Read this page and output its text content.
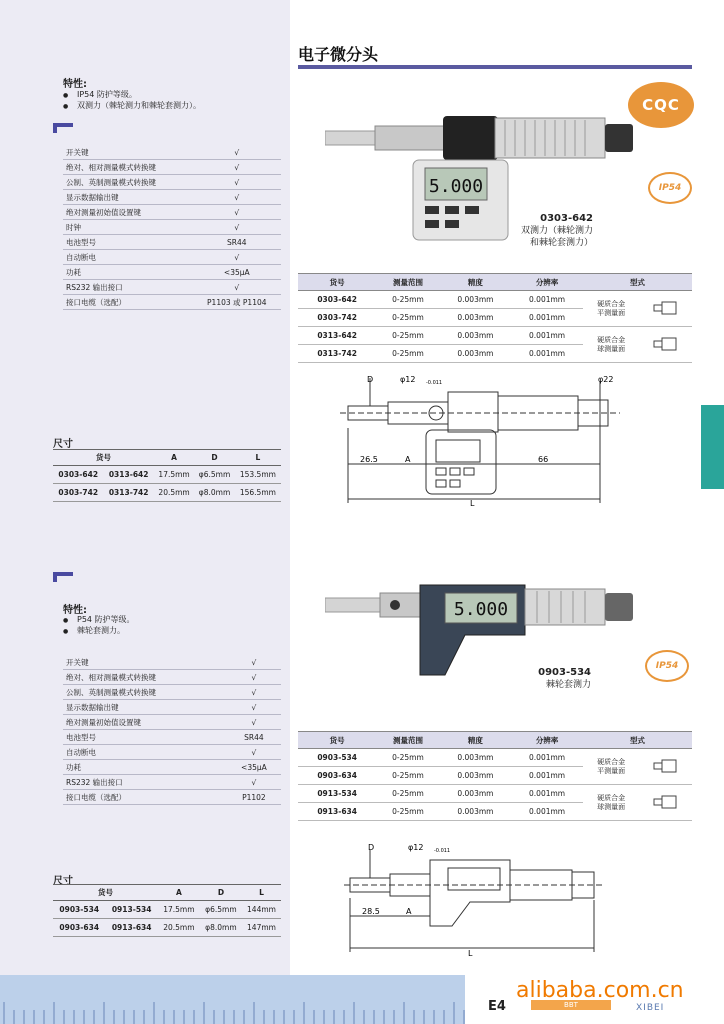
电子微分头
CQC
特性:
● IP54 防护等级。
● 双测力（棘轮测力和棘轮套测力）。
开关键	√
绝对、相对测量模式转换键	√
公制、英制测量模式转换键	√
显示数据输出键	√
绝对测量初始值设置键	√
时钟	√
电池型号	SR44
自动断电	√
功耗	<35μA
RS232 输出接口	√
接口电缆（选配）	P1103 或 P1104
尺寸
货号		A	D	L
0303-642	0313-642	17.5mm	φ6.5mm	153.5mm
0303-742	0313-742	20.5mm	φ8.0mm	156.5mm
5.000	IP54
0303-642
双测力（棘轮测力
和棘轮套测力）
货号	测量范围	精度	分辨率	型式	
0303-642	0-25mm	0.003mm	0.001mm	硬质合金
平测量面

0303-742	0-25mm	0.003mm	0.001mm		
0313-642	0-25mm	0.003mm	0.001mm	硬质合金
球测量面

0313-742	0-25mm	0.003mm	0.001mm		
D	φ12 -0.011	φ22
26.5	A	66
L
特性:
● P54 防护等级。
● 棘轮套测力。
开关键	√
绝对、相对测量模式转换键	√
公制、英制测量模式转换键	√
显示数据输出键	√
绝对测量初始值设置键	√
电池型号	SR44
自动断电	√
功耗	<35μA
RS232 输出接口	√
接口电缆（选配）	P1102
尺寸
货号		A	D	L
0903-534	0913-534	17.5mm	φ6.5mm	144mm
0903-634	0913-634	20.5mm	φ8.0mm	147mm
5.000
IP54
0903-534
棘轮套测力
货号	测量范围	精度	分辨率	型式	
0903-534	0-25mm	0.003mm	0.001mm	硬质合金
平测量面

0903-634	0-25mm	0.003mm	0.001mm		
0913-534	0-25mm	0.003mm	0.001mm	硬质合金
球测量面

0913-634	0-25mm	0.003mm	0.001mm		
D	φ12 -0.011
28.5	A
L
E4	BBT
alibaba.com.cn
XIBEI
